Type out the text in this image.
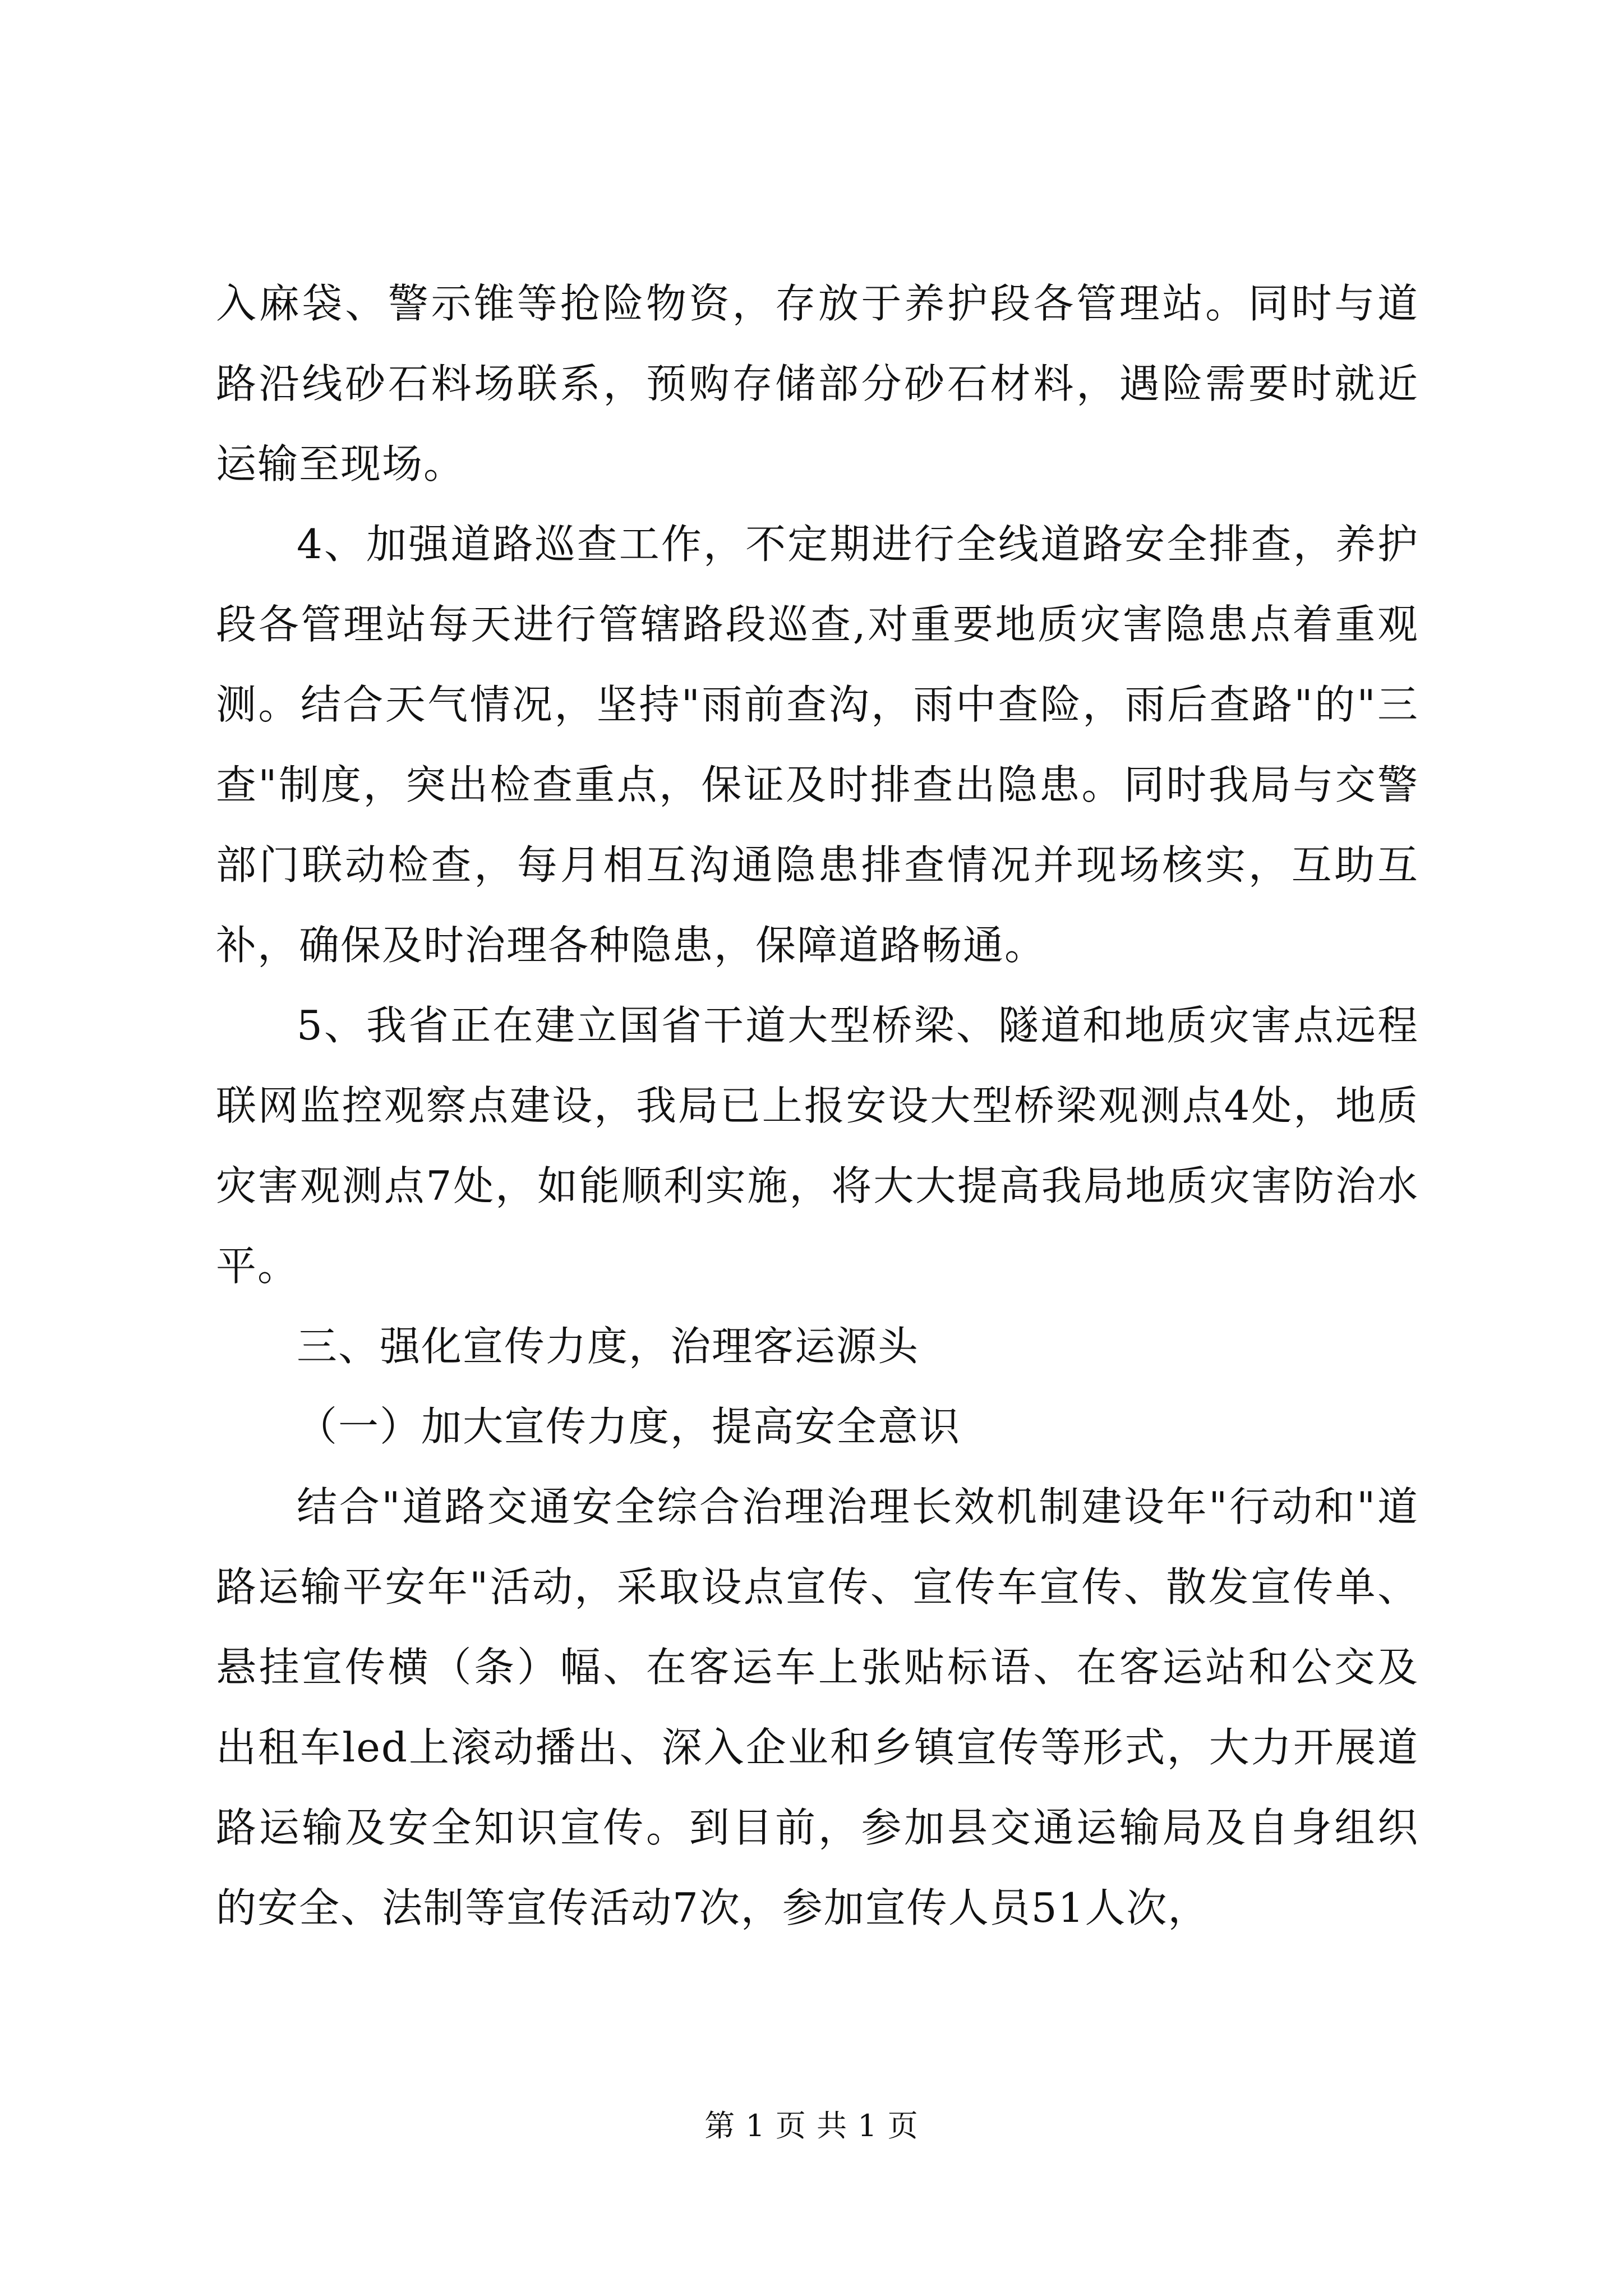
入麻袋、警示锥等抢险物资，存放于养护段各管理站。同时与道路沿线砂石料场联系，预购存储部分砂石材料，遇险需要时就近运输至现场。

4、加强道路巡查工作，不定期进行全线道路安全排查，养护段各管理站每天进行管辖路段巡查,对重要地质灾害隐患点着重观测。结合天气情况，坚持"雨前查沟，雨中查险，雨后查路"的"三查"制度，突出检查重点，保证及时排查出隐患。同时我局与交警部门联动检查，每月相互沟通隐患排查情况并现场核实，互助互补，确保及时治理各种隐患，保障道路畅通。

5、我省正在建立国省干道大型桥梁、隧道和地质灾害点远程联网监控观察点建设，我局已上报安设大型桥梁观测点4处，地质灾害观测点7处，如能顺利实施，将大大提高我局地质灾害防治水平。

三、强化宣传力度，治理客运源头

（一）加大宣传力度，提高安全意识

结合"道路交通安全综合治理治理长效机制建设年"行动和"道路运输平安年"活动，采取设点宣传、宣传车宣传、散发宣传单、悬挂宣传横（条）幅、在客运车上张贴标语、在客运站和公交及出租车led上滚动播出、深入企业和乡镇宣传等形式，大力开展道路运输及安全知识宣传。到目前，参加县交通运输局及自身组织的安全、法制等宣传活动7次，参加宣传人员51人次，

第 1 页 共 1 页
